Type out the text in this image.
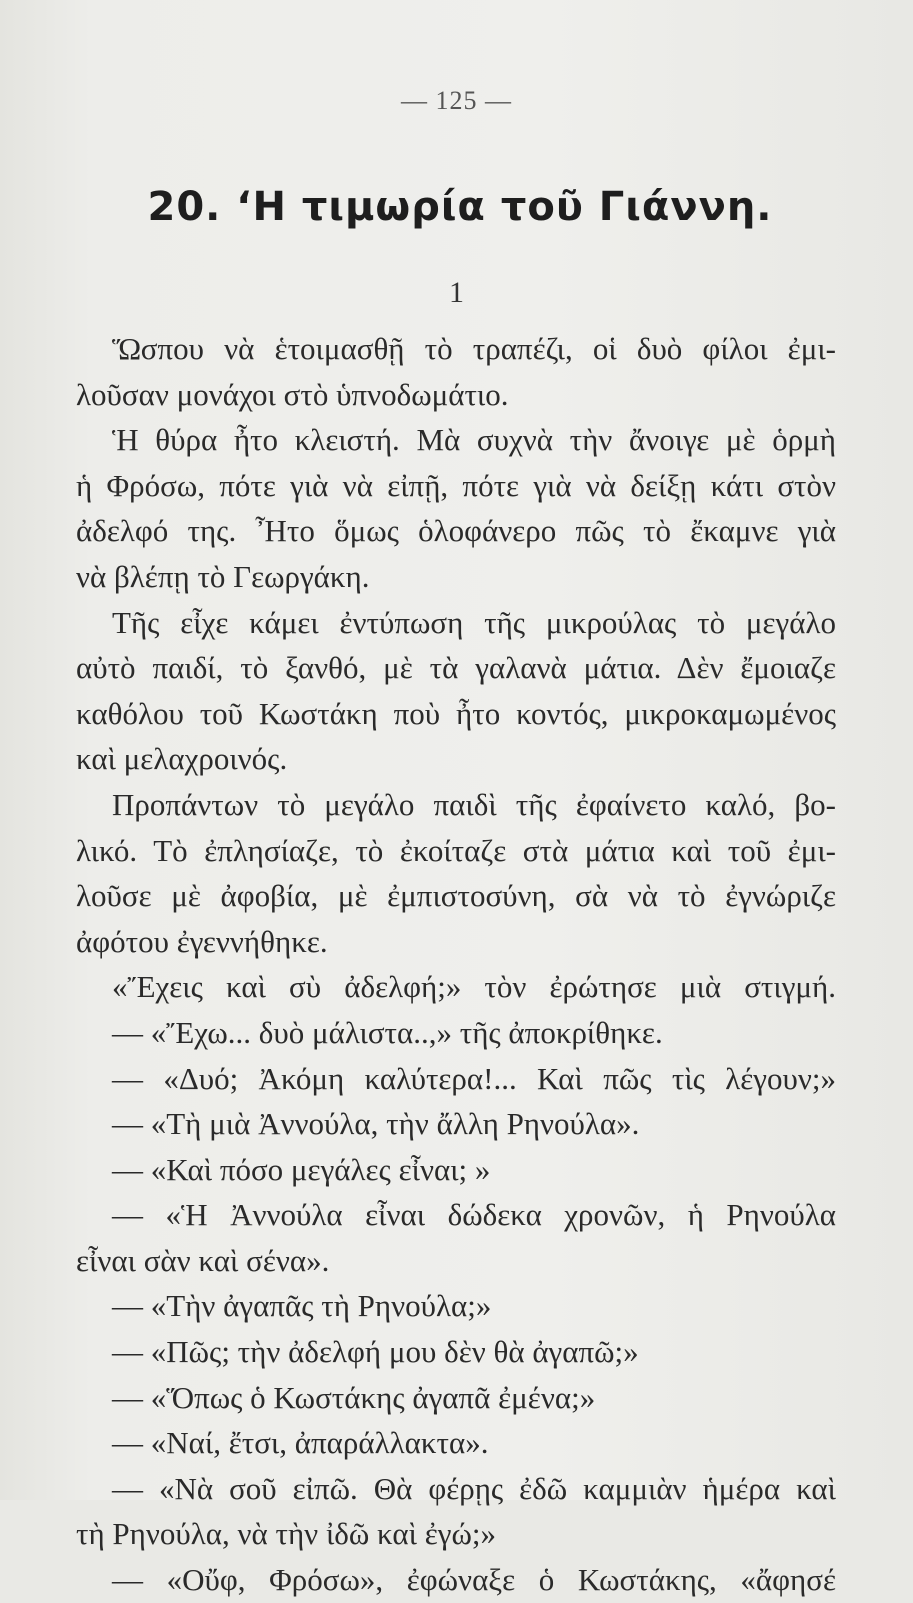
— 125 —
20. ‘Η τιμωρία τοῦ Γιάννη.
1
Ὥσπου νὰ ἑτοιμασθῇ τὸ τραπέζι, οἱ δυὸ φίλοι ἐμι-
λοῦσαν μονάχοι στὸ ὑπνοδωμάτιο.
Ἡ θύρα ἦτο κλειστή. Μὰ συχνὰ τὴν ἄνοιγε μὲ ὁρμὴ
ἡ Φρόσω, πότε γιὰ νὰ εἰπῇ, πότε γιὰ νὰ δείξῃ κάτι στὸν
ἀδελφό της. Ἦτο ὅμως ὁλοφάνερο πῶς τὸ ἔκαμνε γιὰ
νὰ βλέπῃ τὸ Γεωργάκη.
Τῆς εἶχε κάμει ἐντύπωση τῆς μικρούλας τὸ μεγάλο
αὐτὸ παιδί, τὸ ξανθό, μὲ τὰ γαλανὰ μάτια. Δὲν ἔμοιαζε
καθόλου τοῦ Κωστάκη ποὺ ἦτο κοντός, μικροκαμωμένος
καὶ μελαχροινός.
Προπάντων τὸ μεγάλο παιδὶ τῆς ἐφαίνετο καλό, βο-
λικό. Τὸ ἐπλησίαζε, τὸ ἐκοίταζε στὰ μάτια καὶ τοῦ ἐμι-
λοῦσε μὲ ἀφοβία, μὲ ἐμπιστοσύνη, σὰ νὰ τὸ ἐγνώριζε
ἀφότου ἐγεννήθηκε.
«Ἔχεις καὶ σὺ ἀδελφή;» τὸν ἐρώτησε μιὰ στιγμή.
— «Ἔχω... δυὸ μάλιστα..,» τῆς ἀποκρίθηκε.
— «Δυό; Ἀκόμη καλύτερα!... Καὶ πῶς τὶς λέγουν;»
— «Τὴ μιὰ Ἀννούλα, τὴν ἄλλη Ρηνούλα».
— «Καὶ πόσο μεγάλες εἶναι; »
— «Ἡ Ἀννούλα εἶναι δώδεκα χρονῶν, ἡ Ρηνούλα
εἶναι σὰν καὶ σένα».
— «Τὴν ἀγαπᾶς τὴ Ρηνούλα;»
— «Πῶς; τὴν ἀδελφή μου δὲν θὰ ἀγαπῶ;»
— «Ὅπως ὁ Κωστάκης ἀγαπᾶ ἐμένα;»
— «Ναί, ἔτσι, ἀπαράλλακτα».
— «Νὰ σοῦ εἰπῶ. Θὰ φέρῃς ἐδῶ καμμιὰν ἡμέρα καὶ
τὴ Ρηνούλα, νὰ τὴν ἰδῶ καὶ ἐγώ;»
— «Οὔφ, Φρόσω», ἐφώναξε ὁ Κωστάκης, «ἄφησέ
